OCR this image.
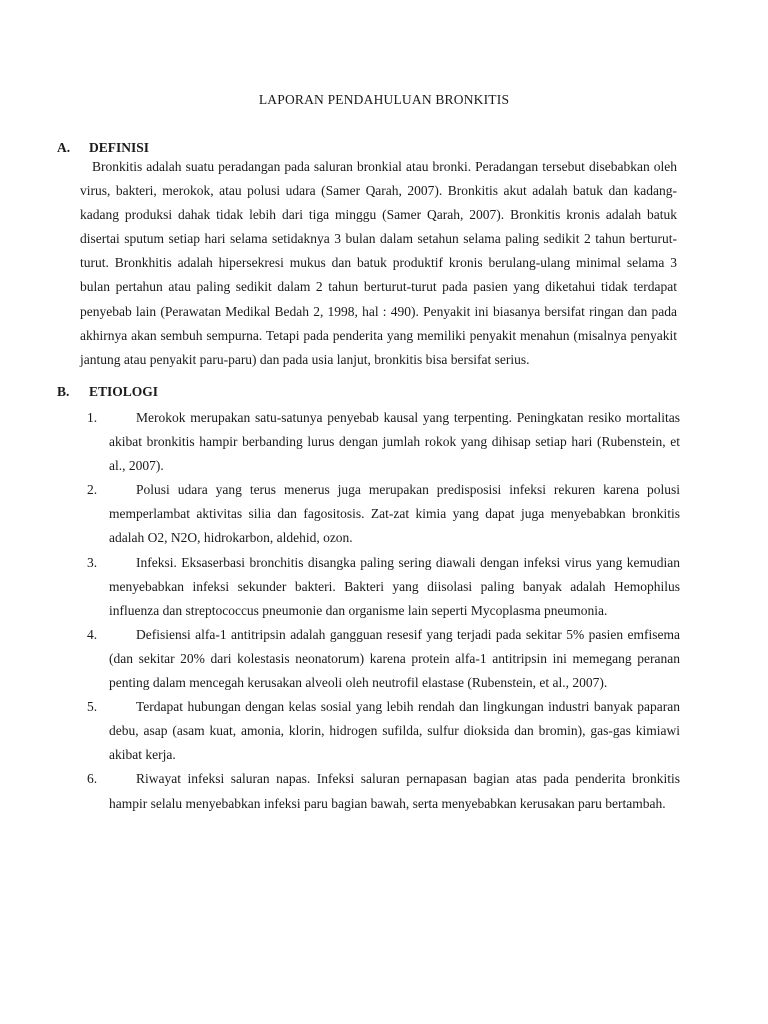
LAPORAN PENDAHULUAN BRONKITIS
A.	DEFINISI

Bronkitis adalah suatu peradangan pada saluran bronkial atau bronki. Peradangan tersebut disebabkan oleh virus, bakteri, merokok, atau polusi udara (Samer Qarah, 2007). Bronkitis akut adalah batuk dan kadang-kadang produksi dahak tidak lebih dari tiga minggu (Samer Qarah, 2007). Bronkitis kronis adalah batuk disertai sputum setiap hari selama setidaknya 3 bulan dalam setahun selama paling sedikit 2 tahun berturut-turut. Bronkhitis adalah hipersekresi mukus dan batuk produktif kronis berulang-ulang minimal selama 3 bulan pertahun atau paling sedikit dalam 2 tahun berturut-turut pada pasien yang diketahui tidak terdapat penyebab lain (Perawatan Medikal Bedah 2, 1998, hal : 490). Penyakit ini biasanya bersifat ringan dan pada akhirnya akan sembuh sempurna. Tetapi pada penderita yang memiliki penyakit menahun (misalnya penyakit jantung atau penyakit paru-paru) dan pada usia lanjut, bronkitis bisa bersifat serius.

B.	ETIOLOGI
1.	Merokok merupakan satu-satunya penyebab kausal yang terpenting. Peningkatan resiko mortalitas akibat bronkitis hampir berbanding lurus dengan jumlah rokok yang dihisap setiap hari (Rubenstein, et al., 2007).
2.	Polusi udara yang terus menerus juga merupakan predisposisi infeksi rekuren karena polusi memperlambat aktivitas silia dan fagositosis. Zat-zat kimia yang dapat juga menyebabkan bronkitis adalah O2, N2O, hidrokarbon, aldehid, ozon.
3.	Infeksi. Eksaserbasi bronchitis disangka paling sering diawali dengan infeksi virus yang kemudian menyebabkan infeksi sekunder bakteri. Bakteri yang diisolasi paling banyak adalah Hemophilus influenza dan streptococcus pneumonie dan organisme lain seperti Mycoplasma pneumonia.
4.	Defisiensi alfa-1 antitripsin adalah gangguan resesif yang terjadi pada sekitar 5% pasien emfisema (dan sekitar 20% dari kolestasis neonatorum) karena protein alfa-1 antitripsin ini memegang peranan penting dalam mencegah kerusakan alveoli oleh neutrofil elastase (Rubenstein, et al., 2007).
5.	Terdapat hubungan dengan kelas sosial yang lebih rendah dan lingkungan industri banyak paparan debu, asap (asam kuat, amonia, klorin, hidrogen sufilda, sulfur dioksida dan bromin), gas-gas kimiawi akibat kerja.
6.	Riwayat infeksi saluran napas. Infeksi saluran pernapasan bagian atas pada penderita bronkitis hampir selalu menyebabkan infeksi paru bagian bawah, serta menyebabkan kerusakan paru bertambah.
